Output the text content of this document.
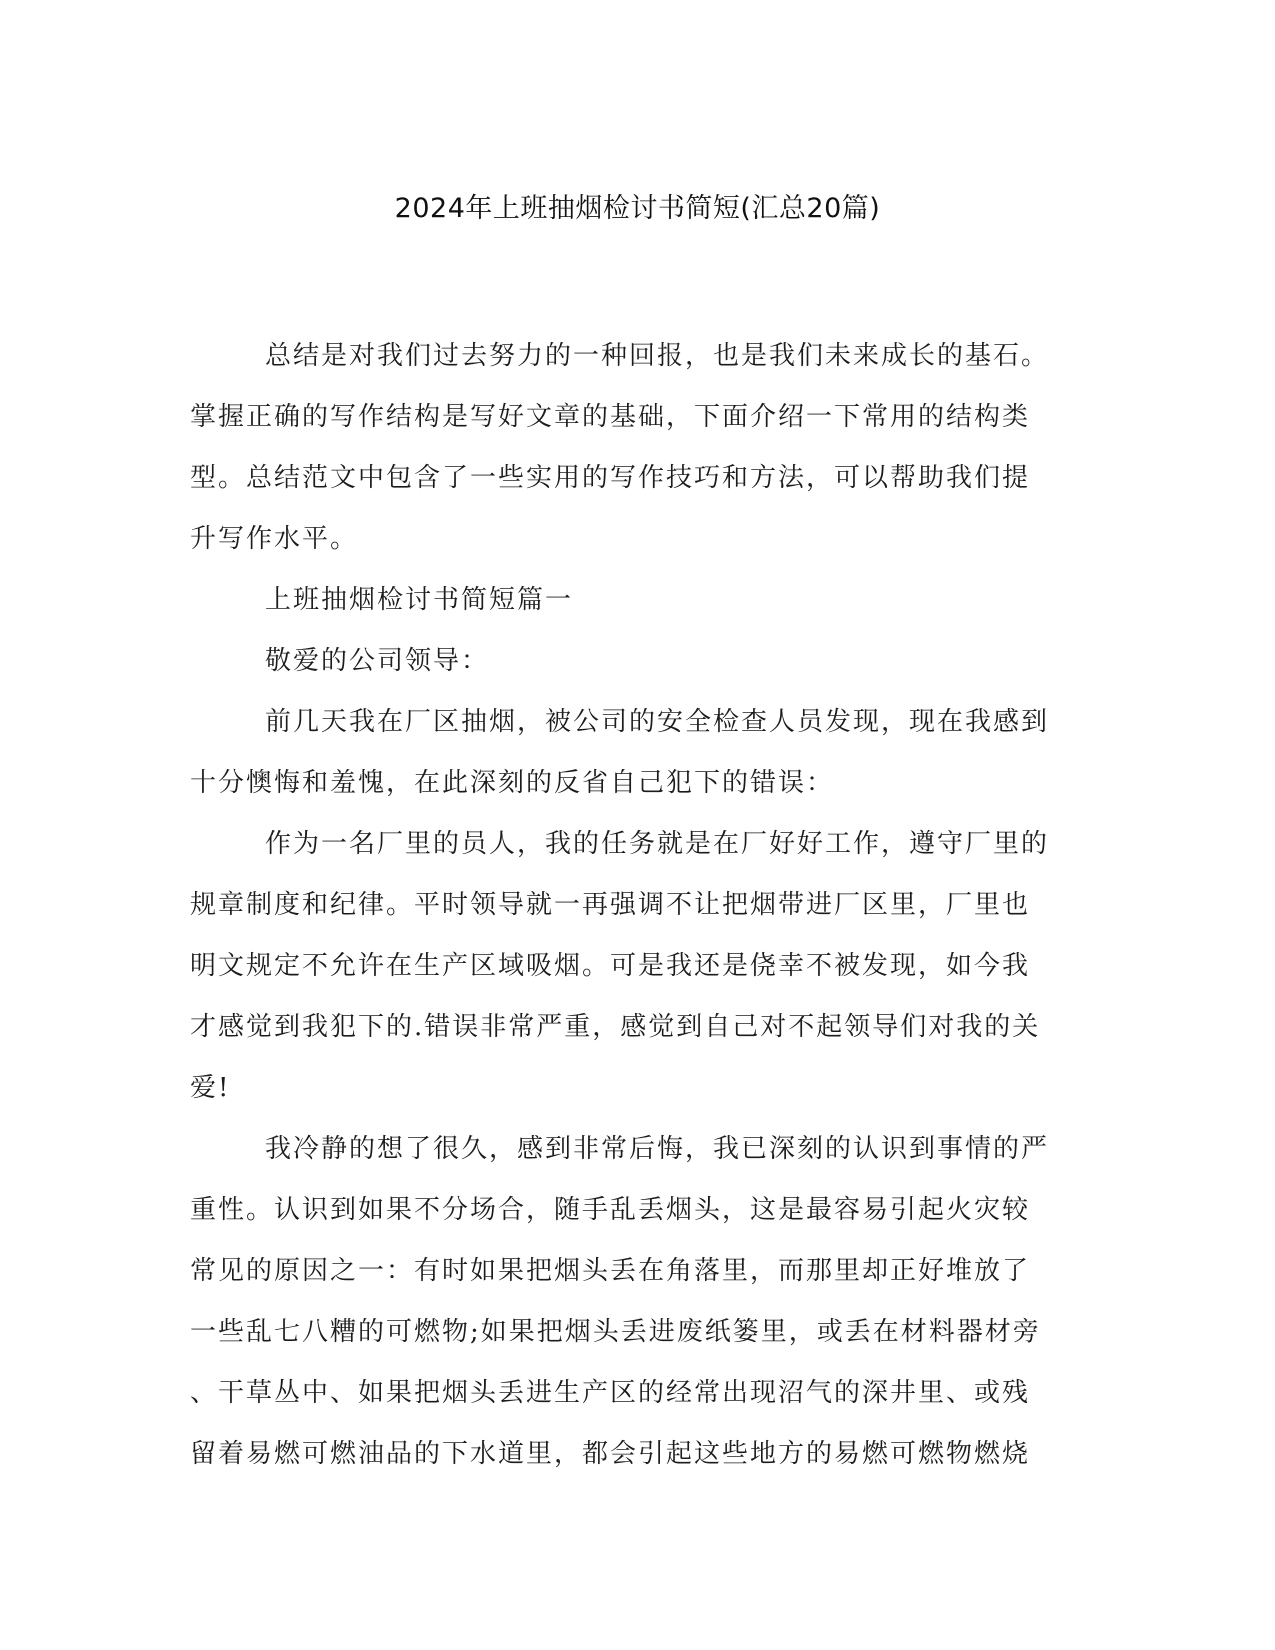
2024年上班抽烟检讨书简短(汇总20篇)
总结是对我们过去努力的一种回报，也是我们未来成长的基石。
掌握正确的写作结构是写好文章的基础，下面介绍一下常用的结构类
型。总结范文中包含了一些实用的写作技巧和方法，可以帮助我们提
升写作水平。
上班抽烟检讨书简短篇一
敬爱的公司领导：
前几天我在厂区抽烟，被公司的安全检查人员发现，现在我感到
十分懊悔和羞愧，在此深刻的反省自己犯下的错误：
作为一名厂里的员人，我的任务就是在厂好好工作，遵守厂里的
规章制度和纪律。平时领导就一再强调不让把烟带进厂区里，厂里也
明文规定不允许在生产区域吸烟。可是我还是侥幸不被发现，如今我
才感觉到我犯下的.错误非常严重，感觉到自己对不起领导们对我的关
爱!
我冷静的想了很久，感到非常后悔，我已深刻的认识到事情的严
重性。认识到如果不分场合，随手乱丢烟头，这是最容易引起火灾较
常见的原因之一：有时如果把烟头丢在角落里，而那里却正好堆放了
一些乱七八糟的可燃物;如果把烟头丢进废纸篓里，或丢在材料器材旁
、干草丛中、如果把烟头丢进生产区的经常出现沼气的深井里、或残
留着易燃可燃油品的下水道里，都会引起这些地方的易燃可燃物燃烧
